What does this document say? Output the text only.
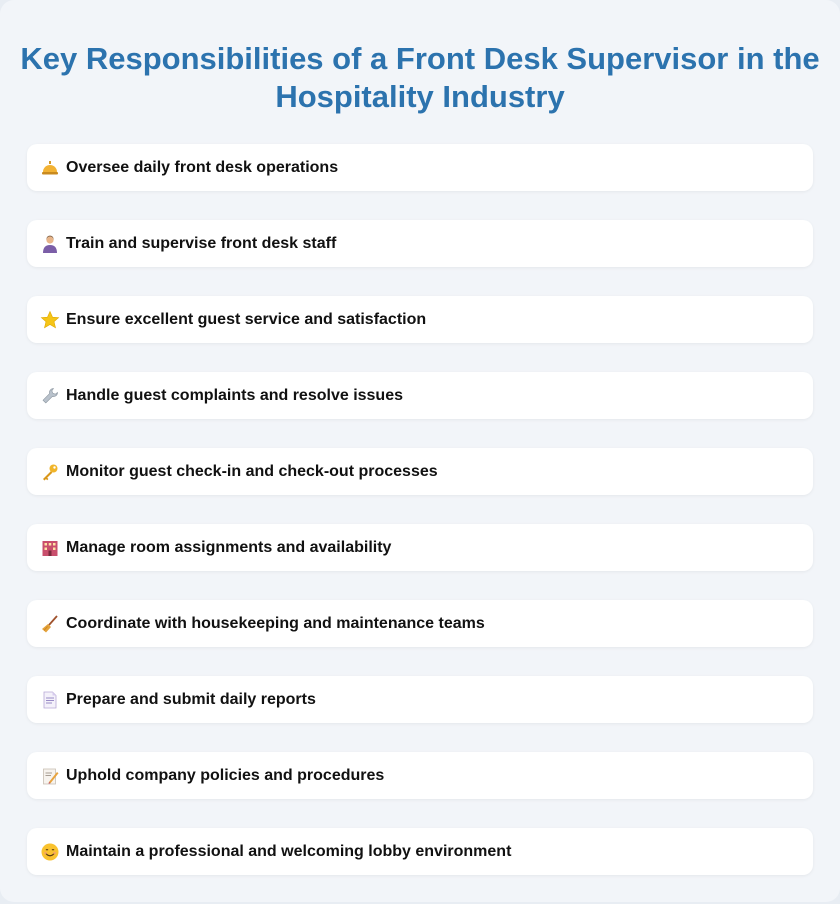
Key Responsibilities of a Front Desk Supervisor in the Hospitality Industry
Oversee daily front desk operations
Train and supervise front desk staff
Ensure excellent guest service and satisfaction
Handle guest complaints and resolve issues
Monitor guest check-in and check-out processes
Manage room assignments and availability
Coordinate with housekeeping and maintenance teams
Prepare and submit daily reports
Uphold company policies and procedures
Maintain a professional and welcoming lobby environment
